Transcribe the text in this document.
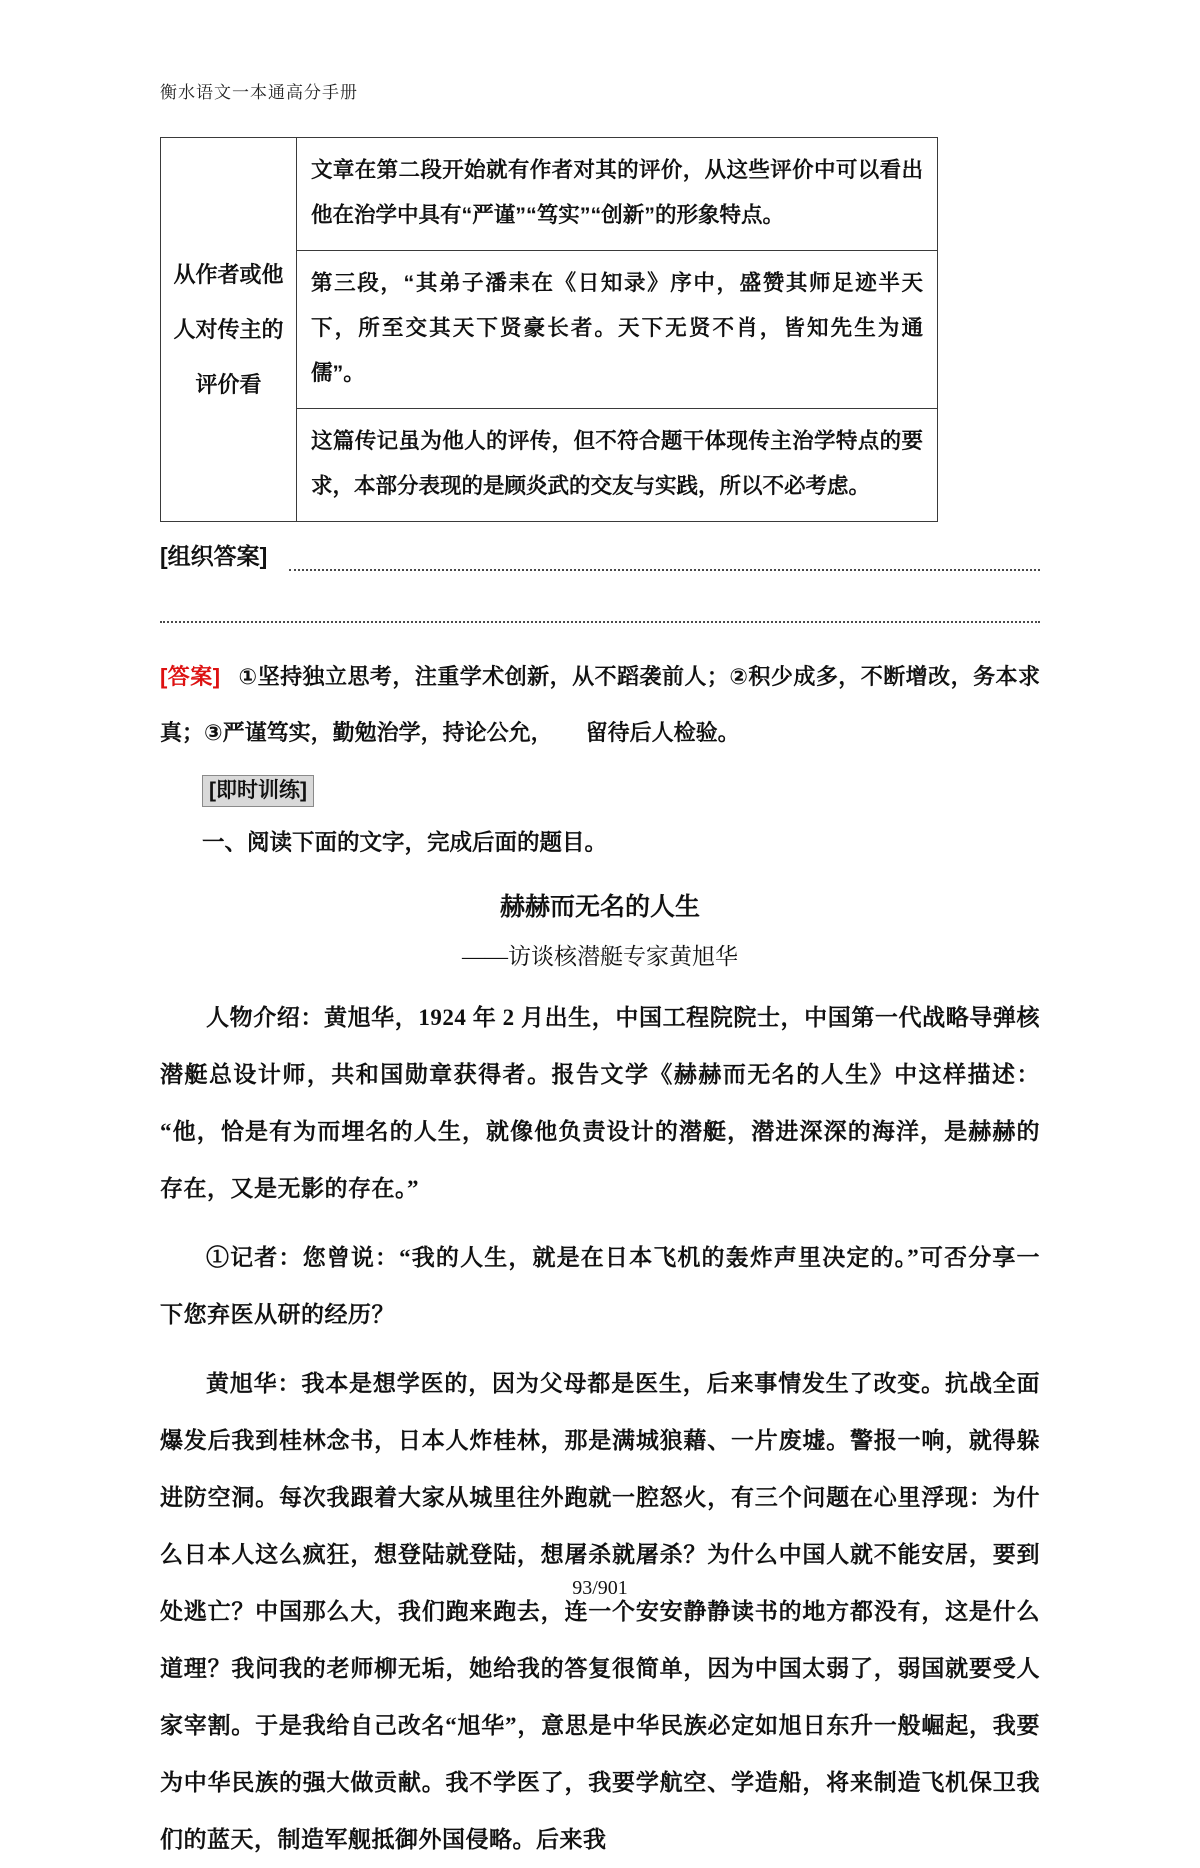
衡水语文一本通高分手册
从作者或他人对传主的评价看	文章在第二段开始就有作者对其的评价，从这些评价中可以看出他在治学中具有“严谨”“笃实”“创新”的形象特点。
第三段，“其弟子潘耒在《日知录》序中，盛赞其师足迹半天下，所至交其天下贤豪长者。天下无贤不肖，皆知先生为通儒”。
这篇传记虽为他人的评传，但不符合题干体现传主治学特点的要求，本部分表现的是顾炎武的交友与实践，所以不必考虑。
[组织答案]
[答案] ①坚持独立思考，注重学术创新，从不蹈袭前人；②积少成多，不断增改，务本求真；③严谨笃实，勤勉治学，持论公允，　　留待后人检验。
[即时训练]
一、阅读下面的文字，完成后面的题目。
赫赫而无名的人生
——访谈核潜艇专家黄旭华
人物介绍：黄旭华，1924 年 2 月出生，中国工程院院士，中国第一代战略导弹核潜艇总设计师，共和国勋章获得者。报告文学《赫赫而无名的人生》中这样描述：“他，恰是有为而埋名的人生，就像他负责设计的潜艇，潜进深深的海洋，是赫赫的存在，又是无影的存在。”
①记者：您曾说：“我的人生，就是在日本飞机的轰炸声里决定的。”可否分享一下您弃医从研的经历？
黄旭华：我本是想学医的，因为父母都是医生，后来事情发生了改变。抗战全面爆发后我到桂林念书，日本人炸桂林，那是满城狼藉、一片废墟。警报一响，就得躲进防空洞。每次我跟着大家从城里往外跑就一腔怒火，有三个问题在心里浮现：为什么日本人这么疯狂，想登陆就登陆，想屠杀就屠杀？为什么中国人就不能安居，要到处逃亡？中国那么大，我们跑来跑去，连一个安安静静读书的地方都没有，这是什么道理？我问我的老师柳无垢，她给我的答复很简单，因为中国太弱了，弱国就要受人家宰割。于是我给自己改名“旭华”，意思是中华民族必定如旭日东升一般崛起，我要为中华民族的强大做贡献。我不学医了，我要学航空、学造船，将来制造飞机保卫我们的蓝天，制造军舰抵御外国侵略。后来我
93/901
